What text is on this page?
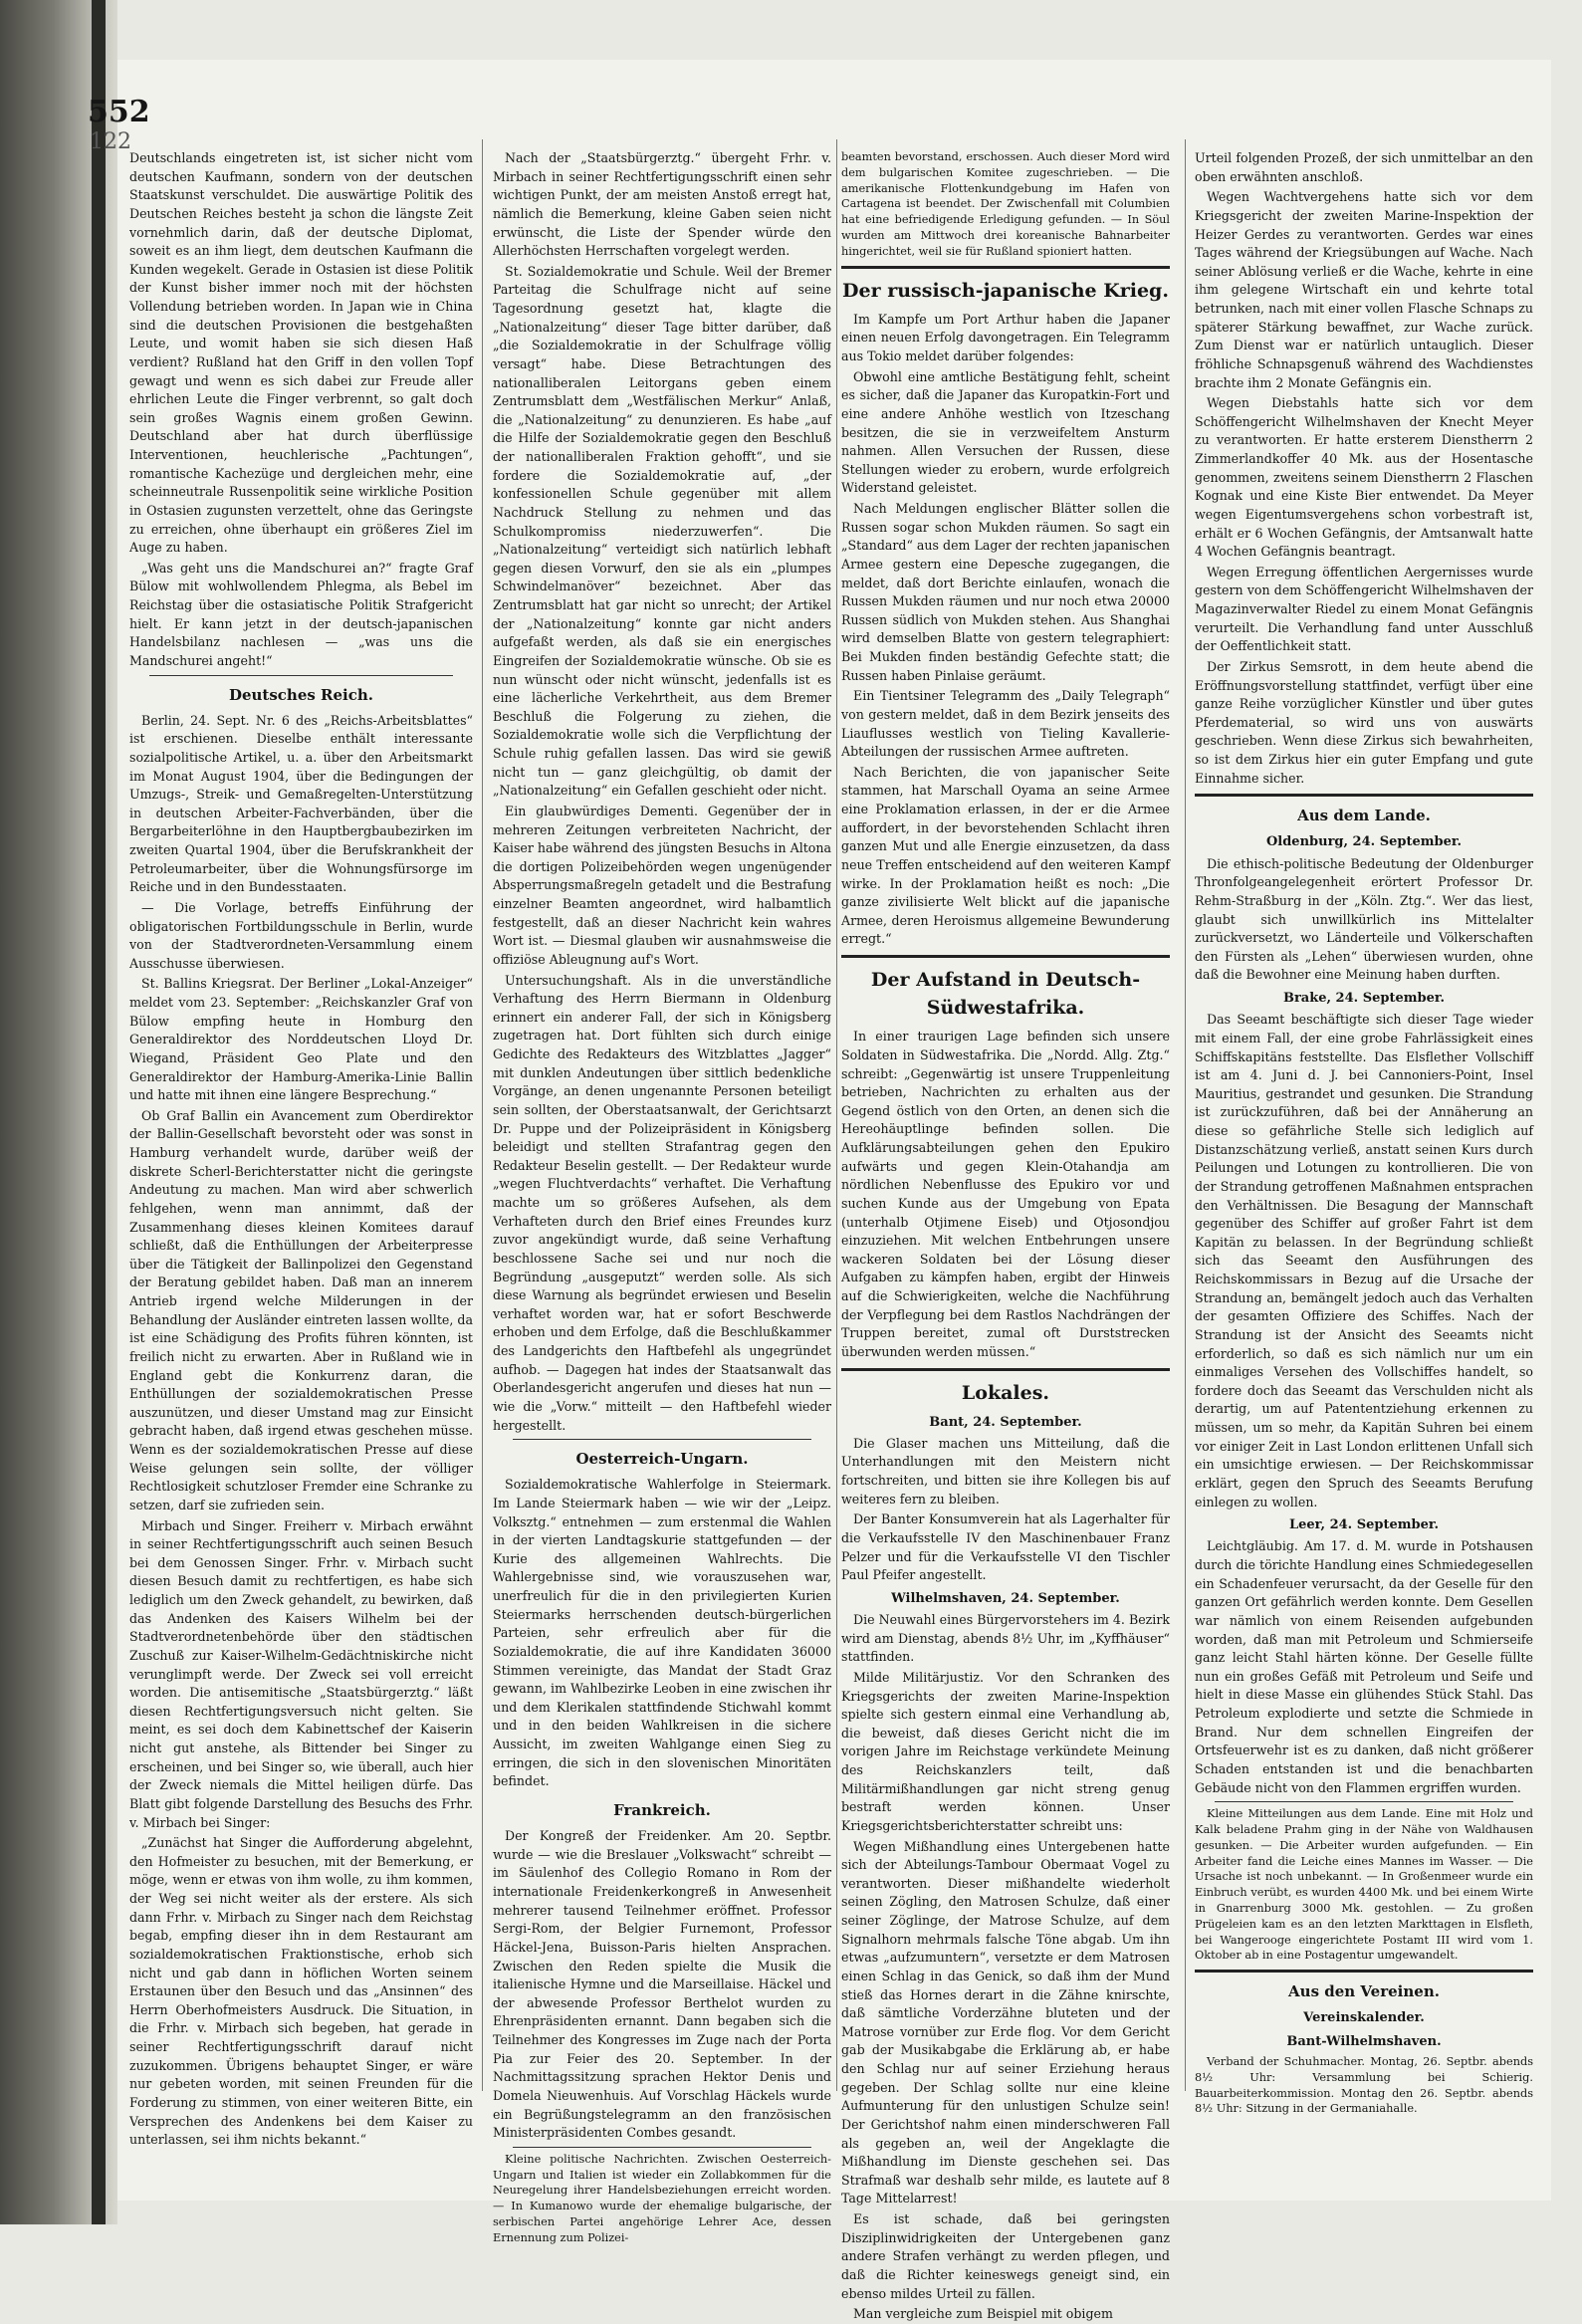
552
122

Deutschlands eingetreten ist, ist sicher nicht vom deutschen Kaufmann, sondern von der deutschen Staatskunst verschuldet. Die auswärtige Politik des Deutschen Reiches besteht ja schon die längste Zeit vornehmlich darin, daß der deutsche Diplomat, soweit es an ihm liegt, dem deutschen Kaufmann die Kunden wegekelt. Gerade in Ostasien ist diese Politik der Kunst bisher immer noch mit der höchsten Vollendung betrieben worden. In Japan wie in China sind die deutschen Provisionen die bestgehaßten Leute, und womit haben sie sich diesen Haß verdient? Rußland hat den Griff in den vollen Topf gewagt und wenn es sich dabei zur Freude aller ehrlichen Leute die Finger verbrennt, so galt doch sein großes Wagnis einem großen Gewinn. Deutschland aber hat durch überflüssige Interventionen, heuchlerische „Pachtungen“, romantische Kachezüge und dergleichen mehr, eine scheinneutrale Russenpolitik seine wirkliche Position in Ostasien zugunsten verzettelt, ohne das Geringste zu erreichen, ohne überhaupt ein größeres Ziel im Auge zu haben.

„Was geht uns die Mandschurei an?“ fragte Graf Bülow mit wohlwollendem Phlegma, als Bebel im Reichstag über die ostasiatische Politik Strafgericht hielt. Er kann jetzt in der deutsch-japanischen Handelsbilanz nachlesen — „was uns die Mandschurei angeht!“

Deutsches Reich.

Berlin, 24. Sept. Nr. 6 des „Reichs-Arbeitsblattes“ ist erschienen. Dieselbe enthält interessante sozialpolitische Artikel, u. a. über den Arbeitsmarkt im Monat August 1904, über die Bedingungen der Umzugs-, Streik- und Gemaßregelten-Unterstützung in deutschen Arbeiter-Fachverbänden, über die Bergarbeiterlöhne in den Hauptbergbaubezirken im zweiten Quartal 1904, über die Berufskrankheit der Petroleumarbeiter, über die Wohnungsfürsorge im Reiche und in den Bundesstaaten.

— Die Vorlage, betreffs Einführung der obligatorischen Fortbildungsschule in Berlin, wurde von der Stadtverordneten-Versammlung einem Ausschusse überwiesen.

St. Ballins Kriegsrat. Der Berliner „Lokal-Anzeiger“ meldet vom 23. September: „Reichskanzler Graf von Bülow empfing heute in Homburg den Generaldirektor des Norddeutschen Lloyd Dr. Wiegand, Präsident Geo Plate und den Generaldirektor der Hamburg-Amerika-Linie Ballin und hatte mit ihnen eine längere Besprechung.“

Ob Graf Ballin ein Avancement zum Oberdirektor der Ballin-Gesellschaft bevorsteht oder was sonst in Hamburg verhandelt wurde, darüber weiß der diskrete Scherl-Berichterstatter nicht die geringste Andeutung zu machen. Man wird aber schwerlich fehlgehen, wenn man annimmt, daß der Zusammenhang dieses kleinen Komitees darauf schließt, daß die Enthüllungen der Arbeiterpresse über die Tätigkeit der Ballinpolizei den Gegenstand der Beratung gebildet haben. Daß man an innerem Antrieb irgend welche Milderungen in der Behandlung der Ausländer eintreten lassen wollte, da ist eine Schädigung des Profits führen könnten, ist freilich nicht zu erwarten. Aber in Rußland wie in England gebt die Konkurrenz daran, die Enthüllungen der sozialdemokratischen Presse auszunützen, und dieser Umstand mag zur Einsicht gebracht haben, daß irgend etwas geschehen müsse. Wenn es der sozialdemokratischen Presse auf diese Weise gelungen sein sollte, der völliger Rechtlosigkeit schutzloser Fremder eine Schranke zu setzen, darf sie zufrieden sein.

Mirbach und Singer. Freiherr v. Mirbach erwähnt in seiner Rechtfertigungsschrift auch seinen Besuch bei dem Genossen Singer. Frhr. v. Mirbach sucht diesen Besuch damit zu rechtfertigen, es habe sich lediglich um den Zweck gehandelt, zu bewirken, daß das Andenken des Kaisers Wilhelm bei der Stadtverordnetenbehörde über den städtischen Zuschuß zur Kaiser-Wilhelm-Gedächtniskirche nicht verunglimpft werde. Der Zweck sei voll erreicht worden. Die antisemitische „Staatsbürgerztg.“ läßt diesen Rechtfertigungsversuch nicht gelten. Sie meint, es sei doch dem Kabinettschef der Kaiserin nicht gut anstehe, als Bittender bei Singer zu erscheinen, und bei Singer so, wie überall, auch hier der Zweck niemals die Mittel heiligen dürfe. Das Blatt gibt folgende Darstellung des Besuchs des Frhr. v. Mirbach bei Singer:

„Zunächst hat Singer die Aufforderung abgelehnt, den Hofmeister zu besuchen, mit der Bemerkung, er möge, wenn er etwas von ihm wolle, zu ihm kommen, der Weg sei nicht weiter als der erstere. Als sich dann Frhr. v. Mirbach zu Singer nach dem Reichstag begab, empfing dieser ihn in dem Restaurant am sozialdemokratischen Fraktionstische, erhob sich nicht und gab dann in höflichen Worten seinem Erstaunen über den Besuch und das „Ansinnen“ des Herrn Oberhofmeisters Ausdruck. Die Situation, in die Frhr. v. Mirbach sich begeben, hat gerade in seiner Rechtfertigungsschrift darauf nicht zuzukommen. Übrigens behauptet Singer, er wäre nur gebeten worden, mit seinen Freunden für die Forderung zu stimmen, von einer weiteren Bitte, ein Versprechen des Andenkens bei dem Kaiser zu unterlassen, sei ihm nichts bekannt.“

Nach der „Staatsbürgerztg.“ übergeht Frhr. v. Mirbach in seiner Rechtfertigungsschrift einen sehr wichtigen Punkt, der am meisten Anstoß erregt hat, nämlich die Bemerkung, kleine Gaben seien nicht erwünscht, die Liste der Spender würde den Allerhöchsten Herrschaften vorgelegt werden.

St. Sozialdemokratie und Schule. Weil der Bremer Parteitag die Schulfrage nicht auf seine Tagesordnung gesetzt hat, klagte die „Nationalzeitung“ dieser Tage bitter darüber, daß „die Sozialdemokratie in der Schulfrage völlig versagt“ habe. Diese Betrachtungen des nationalliberalen Leitorgans geben einem Zentrumsblatt dem „Westfälischen Merkur“ Anlaß, die „Nationalzeitung“ zu denunzieren. Es habe „auf die Hilfe der Sozialdemokratie gegen den Beschluß der nationalliberalen Fraktion gehofft“, und sie fordere die Sozialdemokratie auf, „der konfessionellen Schule gegenüber mit allem Nachdruck Stellung zu nehmen und das Schulkompromiss niederzuwerfen“. Die „Nationalzeitung“ verteidigt sich natürlich lebhaft gegen diesen Vorwurf, den sie als ein „plumpes Schwindelmanöver“ bezeichnet. Aber das Zentrumsblatt hat gar nicht so unrecht; der Artikel der „Nationalzeitung“ konnte gar nicht anders aufgefaßt werden, als daß sie ein energisches Eingreifen der Sozialdemokratie wünsche. Ob sie es nun wünscht oder nicht wünscht, jedenfalls ist es eine lächerliche Verkehrtheit, aus dem Bremer Beschluß die Folgerung zu ziehen, die Sozialdemokratie wolle sich die Verpflichtung der Schule ruhig gefallen lassen. Das wird sie gewiß nicht tun — ganz gleichgültig, ob damit der „Nationalzeitung“ ein Gefallen geschieht oder nicht.

Ein glaubwürdiges Dementi. Gegenüber der in mehreren Zeitungen verbreiteten Nachricht, der Kaiser habe während des jüngsten Besuchs in Altona die dortigen Polizeibehörden wegen ungenügender Absperrungsmaßregeln getadelt und die Bestrafung einzelner Beamten angeordnet, wird halbamtlich festgestellt, daß an dieser Nachricht kein wahres Wort ist. — Diesmal glauben wir ausnahmsweise die offiziöse Ableugnung auf's Wort.

Untersuchungshaft. Als in die unverständliche Verhaftung des Herrn Biermann in Oldenburg erinnert ein anderer Fall, der sich in Königsberg zugetragen hat. Dort fühlten sich durch einige Gedichte des Redakteurs des Witzblattes „Jagger“ mit dunklen Andeutungen über sittlich bedenkliche Vorgänge, an denen ungenannte Personen beteiligt sein sollten, der Oberstaatsanwalt, der Gerichtsarzt Dr. Puppe und der Polizeipräsident in Königsberg beleidigt und stellten Strafantrag gegen den Redakteur Beselin gestellt. — Der Redakteur wurde „wegen Fluchtverdachts“ verhaftet. Die Verhaftung machte um so größeres Aufsehen, als dem Verhafteten durch den Brief eines Freundes kurz zuvor angekündigt wurde, daß seine Verhaftung beschlossene Sache sei und nur noch die Begründung „ausgeputzt“ werden solle. Als sich diese Warnung als begründet erwiesen und Beselin verhaftet worden war, hat er sofort Beschwerde erhoben und dem Erfolge, daß die Beschlußkammer des Landgerichts den Haftbefehl als ungegründet aufhob. — Dagegen hat indes der Staatsanwalt das Oberlandesgericht angerufen und dieses hat nun — wie die „Vorw.“ mitteilt — den Haftbefehl wieder hergestellt.

Oesterreich-Ungarn.

Sozialdemokratische Wahlerfolge in Steiermark. Im Lande Steiermark haben — wie wir der „Leipz. Volksztg.“ entnehmen — zum erstenmal die Wahlen in der vierten Landtagskurie stattgefunden — der Kurie des allgemeinen Wahlrechts. Die Wahlergebnisse sind, wie vorauszusehen war, unerfreulich für die in den privilegierten Kurien Steiermarks herrschenden deutsch-bürgerlichen Parteien, sehr erfreulich aber für die Sozialdemokratie, die auf ihre Kandidaten 36000 Stimmen vereinigte, das Mandat der Stadt Graz gewann, im Wahlbezirke Leoben in eine zwischen ihr und dem Klerikalen stattfindende Stichwahl kommt und in den beiden Wahlkreisen in die sichere Aussicht, im zweiten Wahlgange einen Sieg zu erringen, die sich in den slovenischen Minoritäten befindet.

Frankreich.

Der Kongreß der Freidenker. Am 20. Septbr. wurde — wie die Breslauer „Volkswacht“ schreibt — im Säulenhof des Collegio Romano in Rom der internationale Freidenkerkongreß in Anwesenheit mehrerer tausend Teilnehmer eröffnet. Professor Sergi-Rom, der Belgier Furnemont, Professor Häckel-Jena, Buisson-Paris hielten Ansprachen. Zwischen den Reden spielte die Musik die italienische Hymne und die Marseillaise. Häckel und der abwesende Professor Berthelot wurden zu Ehrenpräsidenten ernannt. Dann begaben sich die Teilnehmer des Kongresses im Zuge nach der Porta Pia zur Feier des 20. September. In der Nachmittagssitzung sprachen Hektor Denis und Domela Nieuwenhuis. Auf Vorschlag Häckels wurde ein Begrüßungstelegramm an den französischen Ministerpräsidenten Combes gesandt.

Kleine politische Nachrichten. Zwischen Oesterreich-Ungarn und Italien ist wieder ein Zollabkommen für die Neuregelung ihrer Handelsbeziehungen erreicht worden. — In Kumanowo wurde der ehemalige bulgarische, der serbischen Partei angehörige Lehrer Ace, dessen Ernennung zum Polizei-

beamten bevorstand, erschossen. Auch dieser Mord wird dem bulgarischen Komitee zugeschrieben. — Die amerikanische Flottenkundgebung im Hafen von Cartagena ist beendet. Der Zwischenfall mit Columbien hat eine befriedigende Erledigung gefunden. — In Söul wurden am Mittwoch drei koreanische Bahnarbeiter hingerichtet, weil sie für Rußland spioniert hatten.

Der russisch-japanische Krieg.

Im Kampfe um Port Arthur haben die Japaner einen neuen Erfolg davongetragen. Ein Telegramm aus Tokio meldet darüber folgendes:

Obwohl eine amtliche Bestätigung fehlt, scheint es sicher, daß die Japaner das Kuropatkin-Fort und eine andere Anhöhe westlich von Itzeschang besitzen, die sie in verzweifeltem Ansturm nahmen. Allen Versuchen der Russen, diese Stellungen wieder zu erobern, wurde erfolgreich Widerstand geleistet.

Nach Meldungen englischer Blätter sollen die Russen sogar schon Mukden räumen. So sagt ein „Standard“ aus dem Lager der rechten japanischen Armee gestern eine Depesche zugegangen, die meldet, daß dort Berichte einlaufen, wonach die Russen Mukden räumen und nur noch etwa 20000 Russen südlich von Mukden stehen. Aus Shanghai wird demselben Blatte von gestern telegraphiert: Bei Mukden finden beständig Gefechte statt; die Russen haben Pinlaise geräumt.

Ein Tientsiner Telegramm des „Daily Telegraph“ von gestern meldet, daß in dem Bezirk jenseits des Liauflusses westlich von Tieling Kavallerie-Abteilungen der russischen Armee auftreten.

Nach Berichten, die von japanischer Seite stammen, hat Marschall Oyama an seine Armee eine Proklamation erlassen, in der er die Armee auffordert, in der bevorstehenden Schlacht ihren ganzen Mut und alle Energie einzusetzen, da dass neue Treffen entscheidend auf den weiteren Kampf wirke. In der Proklamation heißt es noch: „Die ganze zivilisierte Welt blickt auf die japanische Armee, deren Heroismus allgemeine Bewunderung erregt.“

Der Aufstand in Deutsch-Südwestafrika.

In einer traurigen Lage befinden sich unsere Soldaten in Südwestafrika. Die „Nordd. Allg. Ztg.“ schreibt: „Gegenwärtig ist unsere Truppenleitung betrieben, Nachrichten zu erhalten aus der Gegend östlich von den Orten, an denen sich die Hereohäuptlinge befinden sollen. Die Aufklärungsabteilungen gehen den Epukiro aufwärts und gegen Klein-Otahandja am nördlichen Nebenflusse des Epukiro vor und suchen Kunde aus der Umgebung von Epata (unterhalb Otjimene Eiseb) und Otjosondjou einzuziehen. Mit welchen Entbehrungen unsere wackeren Soldaten bei der Lösung dieser Aufgaben zu kämpfen haben, ergibt der Hinweis auf die Schwierigkeiten, welche die Nachführung der Verpflegung bei dem Rastlos Nachdrängen der Truppen bereitet, zumal oft Durststrecken überwunden werden müssen.“

Lokales.
Bant, 24. September.

Die Glaser machen uns Mitteilung, daß die Unterhandlungen mit den Meistern nicht fortschreiten, und bitten sie ihre Kollegen bis auf weiteres fern zu bleiben.

Der Banter Konsumverein hat als Lagerhalter für die Verkaufsstelle IV den Maschinenbauer Franz Pelzer und für die Verkaufsstelle VI den Tischler Paul Pfeifer angestellt.

Wilhelmshaven, 24. September.

Die Neuwahl eines Bürgervorstehers im 4. Bezirk wird am Dienstag, abends 8½ Uhr, im „Kyffhäuser“ stattfinden.

Milde Militärjustiz. Vor den Schranken des Kriegsgerichts der zweiten Marine-Inspektion spielte sich gestern einmal eine Verhandlung ab, die beweist, daß dieses Gericht nicht die im vorigen Jahre im Reichstage verkündete Meinung des Reichskanzlers teilt, daß Militärmißhandlungen gar nicht streng genug bestraft werden können. Unser Kriegsgerichtsberichterstatter schreibt uns:

Wegen Mißhandlung eines Untergebenen hatte sich der Abteilungs-Tambour Obermaat Vogel zu verantworten. Dieser mißhandelte wiederholt seinen Zögling, den Matrosen Schulze, daß einer seiner Zöglinge, der Matrose Schulze, auf dem Signalhorn mehrmals falsche Töne abgab. Um ihn etwas „aufzumuntern“, versetzte er dem Matrosen einen Schlag in das Genick, so daß ihm der Mund stieß das Hornes derart in die Zähne knirschte, daß sämtliche Vorderzähne bluteten und der Matrose vornüber zur Erde flog. Vor dem Gericht gab der Musikabgabe die Erklärung ab, er habe den Schlag nur auf seiner Erziehung heraus gegeben. Der Schlag sollte nur eine kleine Aufmunterung für den unlustigen Schulze sein! Der Gerichtshof nahm einen minderschweren Fall als gegeben an, weil der Angeklagte die Mißhandlung im Dienste geschehen sei. Das Strafmaß war deshalb sehr milde, es lautete auf 8 Tage Mittelarrest!

Es ist schade, daß bei geringsten Disziplinwidrigkeiten der Untergebenen ganz andere Strafen verhängt zu werden pflegen, und daß die Richter keineswegs geneigt sind, ein ebenso mildes Urteil zu fällen.

Man vergleiche zum Beispiel mit obigem

Urteil folgenden Prozeß, der sich unmittelbar an den oben erwähnten anschloß.

Wegen Wachtvergehens hatte sich vor dem Kriegsgericht der zweiten Marine-Inspektion der Heizer Gerdes zu verantworten. Gerdes war eines Tages während der Kriegsübungen auf Wache. Nach seiner Ablösung verließ er die Wache, kehrte in eine ihm gelegene Wirtschaft ein und kehrte total betrunken, nach mit einer vollen Flasche Schnaps zu späterer Stärkung bewaffnet, zur Wache zurück. Zum Dienst war er natürlich untauglich. Dieser fröhliche Schnapsgenuß während des Wachdienstes brachte ihm 2 Monate Gefängnis ein.

Wegen Diebstahls hatte sich vor dem Schöffengericht Wilhelmshaven der Knecht Meyer zu verantworten. Er hatte ersterem Dienstherrn 2 Zimmerlandkoffer 40 Mk. aus der Hosentasche genommen, zweitens seinem Dienstherrn 2 Flaschen Kognak und eine Kiste Bier entwendet. Da Meyer wegen Eigentumsvergehens schon vorbestraft ist, erhält er 6 Wochen Gefängnis, der Amtsanwalt hatte 4 Wochen Gefängnis beantragt.

Wegen Erregung öffentlichen Aergernisses wurde gestern von dem Schöffengericht Wilhelmshaven der Magazinverwalter Riedel zu einem Monat Gefängnis verurteilt. Die Verhandlung fand unter Ausschluß der Oeffentlichkeit statt.

Der Zirkus Semsrott, in dem heute abend die Eröffnungsvorstellung stattfindet, verfügt über eine ganze Reihe vorzüglicher Künstler und über gutes Pferdematerial, so wird uns von auswärts geschrieben. Wenn diese Zirkus sich bewahrheiten, so ist dem Zirkus hier ein guter Empfang und gute Einnahme sicher.

Aus dem Lande.
Oldenburg, 24. September.

Die ethisch-politische Bedeutung der Oldenburger Thronfolgeangelegenheit erörtert Professor Dr. Rehm-Straßburg in der „Köln. Ztg.“. Wer das liest, glaubt sich unwillkürlich ins Mittelalter zurückversetzt, wo Länderteile und Völkerschaften den Fürsten als „Lehen“ überwiesen wurden, ohne daß die Bewohner eine Meinung haben durften.

Brake, 24. September.

Das Seeamt beschäftigte sich dieser Tage wieder mit einem Fall, der eine grobe Fahrlässigkeit eines Schiffskapitäns feststellte. Das Elsflether Vollschiff ist am 4. Juni d. J. bei Cannoniers-Point, Insel Mauritius, gestrandet und gesunken. Die Strandung ist zurückzuführen, daß bei der Annäherung an diese so gefährliche Stelle sich lediglich auf Distanzschätzung verließ, anstatt seinen Kurs durch Peilungen und Lotungen zu kontrollieren. Die von der Strandung getroffenen Maßnahmen entsprachen den Verhältnissen. Die Besagung der Mannschaft gegenüber des Schiffer auf großer Fahrt ist dem Kapitän zu belassen. In der Begründung schließt sich das Seeamt den Ausführungen des Reichskommissars in Bezug auf die Ursache der Strandung an, bemängelt jedoch auch das Verhalten der gesamten Offiziere des Schiffes. Nach der Strandung ist der Ansicht des Seeamts nicht erforderlich, so daß es sich nämlich nur um ein einmaliges Versehen des Vollschiffes handelt, so fordere doch das Seeamt das Verschulden nicht als derartig, um auf Patententziehung erkennen zu müssen, um so mehr, da Kapitän Suhren bei einem vor einiger Zeit in Last London erlittenen Unfall sich ein umsichtige erwiesen. — Der Reichskommissar erklärt, gegen den Spruch des Seeamts Berufung einlegen zu wollen.

Leer, 24. September.

Leichtgläubig. Am 17. d. M. wurde in Potshausen durch die törichte Handlung eines Schmiedegesellen ein Schadenfeuer verursacht, da der Geselle für den ganzen Ort gefährlich werden konnte. Dem Gesellen war nämlich von einem Reisenden aufgebunden worden, daß man mit Petroleum und Schmierseife ganz leicht Stahl härten könne. Der Geselle füllte nun ein großes Gefäß mit Petroleum und Seife und hielt in diese Masse ein glühendes Stück Stahl. Das Petroleum explodierte und setzte die Schmiede in Brand. Nur dem schnellen Eingreifen der Ortsfeuerwehr ist es zu danken, daß nicht größerer Schaden entstanden ist und die benachbarten Gebäude nicht von den Flammen ergriffen wurden.

Kleine Mitteilungen aus dem Lande. Eine mit Holz und Kalk beladene Prahm ging in der Nähe von Waldhausen gesunken. — Die Arbeiter wurden aufgefunden. — Ein Arbeiter fand die Leiche eines Mannes im Wasser. — Die Ursache ist noch unbekannt. — In Großenmeer wurde ein Einbruch verübt, es wurden 4400 Mk. und bei einem Wirte in Gnarrenburg 3000 Mk. gestohlen. — Zu großen Prügeleien kam es an den letzten Markttagen in Elsfleth, bei Wangerooge eingerichtete Postamt III wird vom 1. Oktober ab in eine Postagentur umgewandelt.

Aus den Vereinen.
Vereinskalender.
Bant-Wilhelmshaven.

Verband der Schuhmacher. Montag, 26. Septbr. abends 8½ Uhr: Versammlung bei Schierig. Bauarbeiterkommission. Montag den 26. Septbr. abends 8½ Uhr: Sitzung in der Germaniahalle.
